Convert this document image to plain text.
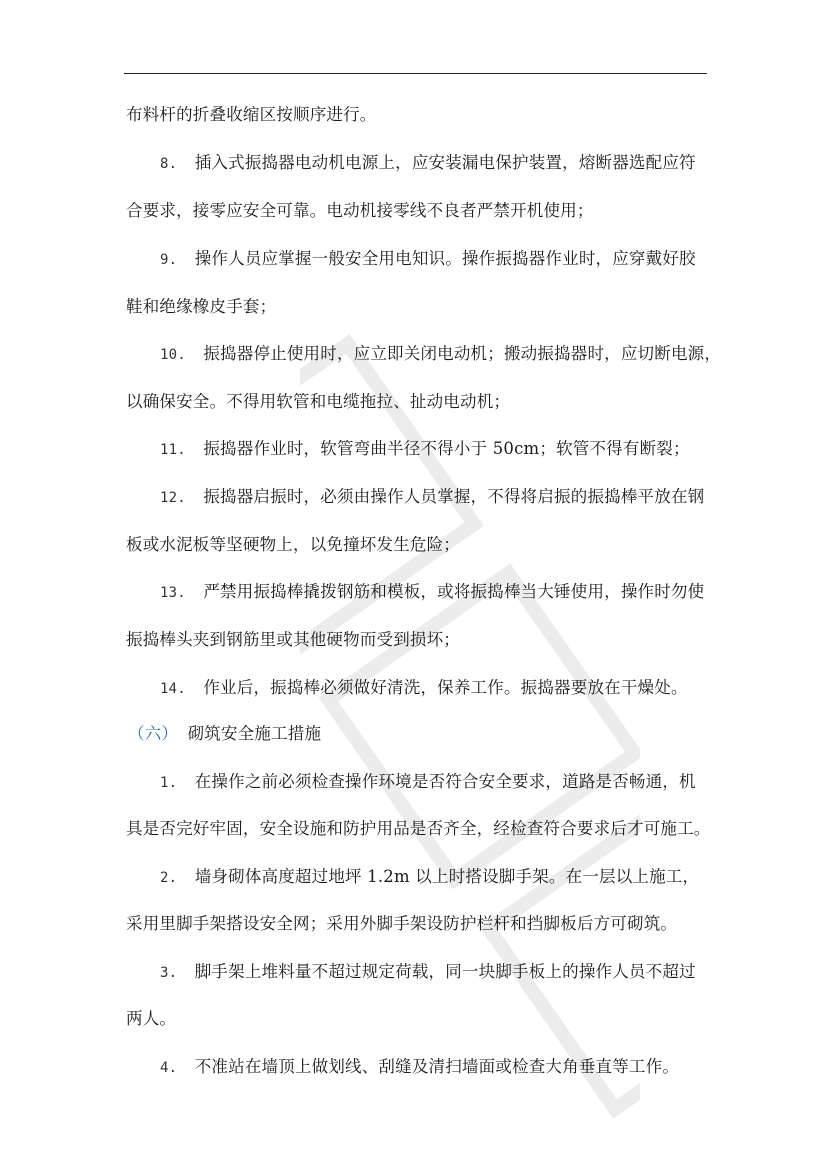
布料杆的折叠收缩区按顺序进行。
8. 插入式振捣器电动机电源上，应安装漏电保护装置，熔断器选配应符
合要求，接零应安全可靠。电动机接零线不良者严禁开机使用；
9. 操作人员应掌握一般安全用电知识。操作振捣器作业时，应穿戴好胶
鞋和绝缘橡皮手套；
10. 振捣器停止使用时，应立即关闭电动机；搬动振捣器时，应切断电源，
以确保安全。不得用软管和电缆拖拉、扯动电动机；
11. 振捣器作业时，软管弯曲半径不得小于 50cm；软管不得有断裂；
12. 振捣器启振时，必须由操作人员掌握，不得将启振的振捣棒平放在钢
板或水泥板等坚硬物上，以免撞坏发生危险；
13. 严禁用振捣棒撬拨钢筋和模板，或将振捣棒当大锤使用，操作时勿使
振捣棒头夹到钢筋里或其他硬物而受到损坏；
14. 作业后，振捣棒必须做好清洗，保养工作。振捣器要放在干燥处。
（六） 砌筑安全施工措施
1. 在操作之前必须检查操作环境是否符合安全要求，道路是否畅通，机
具是否完好牢固，安全设施和防护用品是否齐全，经检查符合要求后才可施工。
2. 墙身砌体高度超过地坪 1.2m 以上时搭设脚手架。在一层以上施工，
采用里脚手架搭设安全网；采用外脚手架设防护栏杆和挡脚板后方可砌筑。
3. 脚手架上堆料量不超过规定荷载，同一块脚手板上的操作人员不超过
两人。
4. 不准站在墙顶上做划线、刮缝及清扫墙面或检查大角垂直等工作。
